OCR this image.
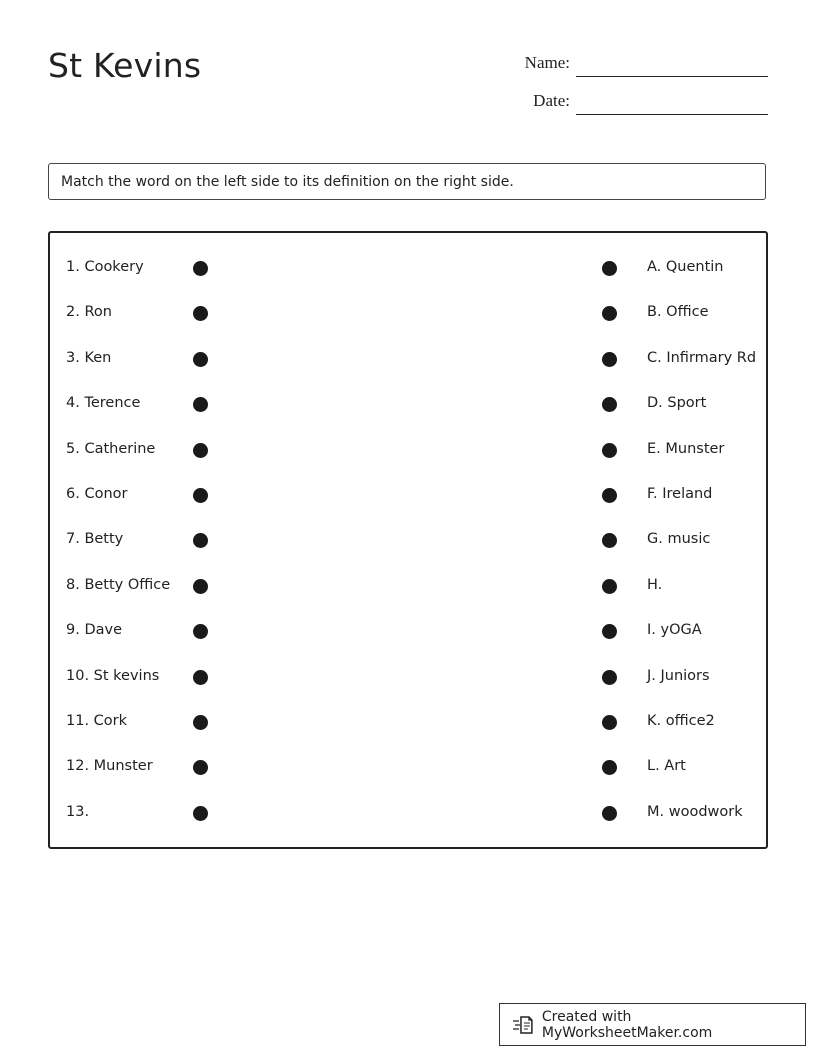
St Kevins	Name:
Date:
Match the word on the left side to its definition on the right side.
1. Cookery	A. Quentin
2. Ron	B. Office
3. Ken	C. Infirmary Rd
4. Terence	D. Sport
5. Catherine	E. Munster
6. Conor	F. Ireland
7. Betty	G. music
8. Betty Office	H.
9. Dave	I. yOGA
10. St kevins	J. Juniors
11. Cork	K. office2
12. Munster	L. Art
13.	M. woodwork
Created with MyWorksheetMaker.com
